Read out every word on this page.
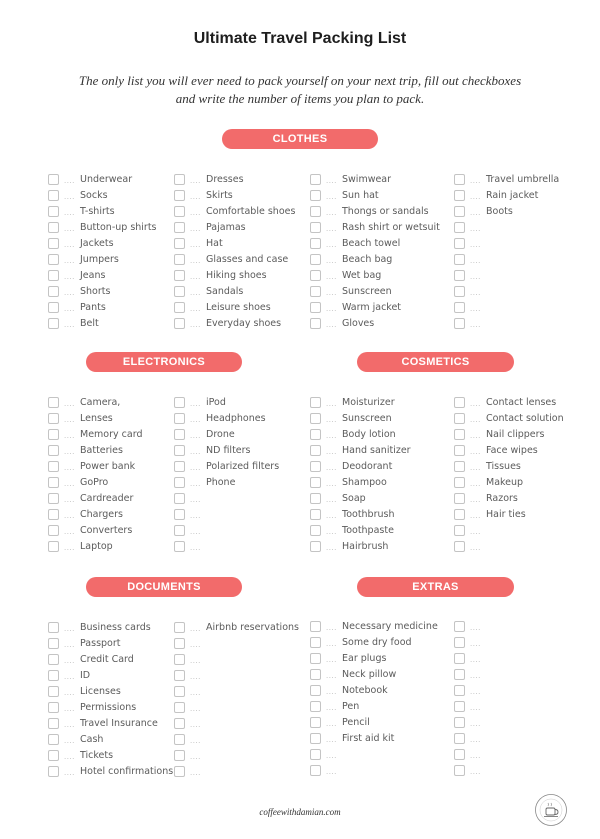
Ultimate Travel Packing List
The only list you will ever need to pack yourself on your next trip, fill out checkboxes
and write the number of items you plan to pack.
CLOTHES
ELECTRONICS	COSMETICS
DOCUMENTS	EXTRAS
.... Underwear
.... Socks
.... T-shirts
.... Button-up shirts
.... Jackets
.... Jumpers
.... Jeans
.... Shorts
.... Pants
.... Belt
.... Dresses
.... Skirts
.... Comfortable shoes
.... Pajamas
.... Hat
.... Glasses and case
.... Hiking shoes
.... Sandals
.... Leisure shoes
.... Everyday shoes
.... Swimwear
.... Sun hat
.... Thongs or sandals
.... Rash shirt or wetsuit
.... Beach towel
.... Beach bag
.... Wet bag
.... Sunscreen
.... Warm jacket
.... Gloves
.... Travel umbrella
.... Rain jacket
.... Boots
....
....
....
....
....
....
....
.... Camera,
.... Lenses
.... Memory card
.... Batteries
.... Power bank
.... GoPro
.... Cardreader
.... Chargers
.... Converters
.... Laptop
.... iPod
.... Headphones
.... Drone
.... ND filters
.... Polarized filters
.... Phone
....
....
....
....
.... Moisturizer
.... Sunscreen
.... Body lotion
.... Hand sanitizer
.... Deodorant
.... Shampoo
.... Soap
.... Toothbrush
.... Toothpaste
.... Hairbrush
.... Contact lenses
.... Contact solution
.... Nail clippers
.... Face wipes
.... Tissues
.... Makeup
.... Razors
.... Hair ties
....
....
.... Business cards
.... Passport
.... Credit Card
.... ID
.... Licenses
.... Permissions
.... Travel Insurance
.... Cash
.... Tickets
.... Hotel confirmations
.... Airbnb reservations
....
....
....
....
....
....
....
....
....
.... Necessary medicine
.... Some dry food
.... Ear plugs
.... Neck pillow
.... Notebook
.... Pen
.... Pencil
.... First aid kit
....
....
....
....
....
....
....
....
....
....
....
....
coffeewithdamian.com
